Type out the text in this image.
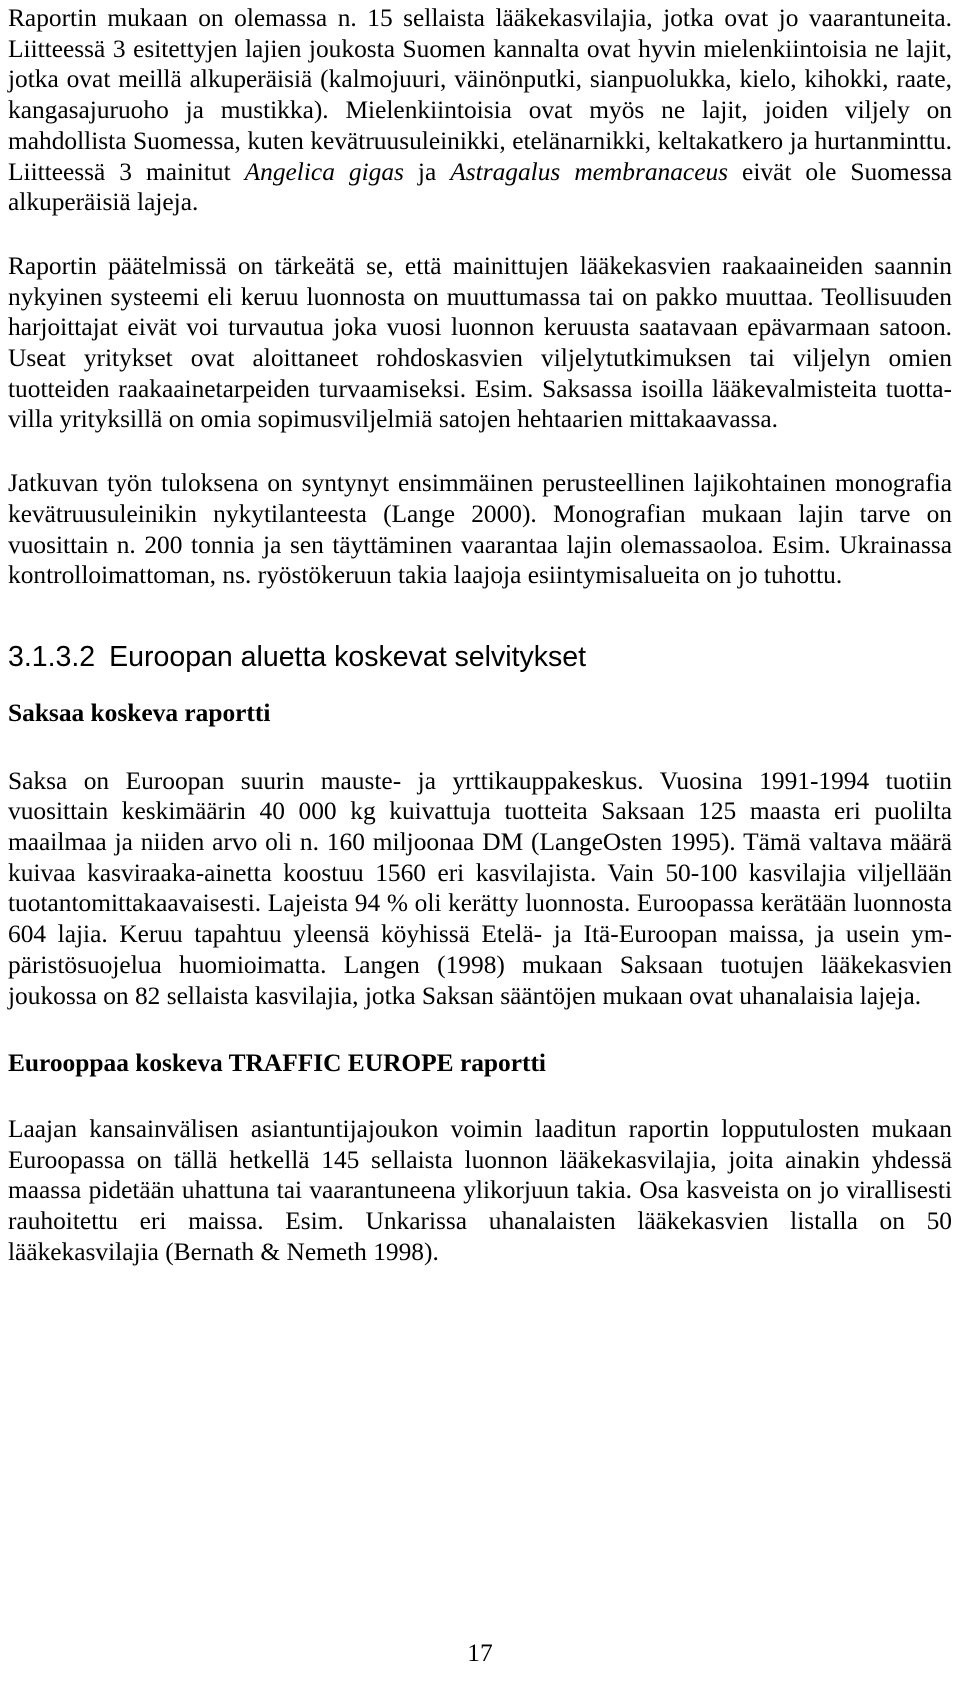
Raportin mukaan on olemassa n. 15 sellaista lääkekasvilajia, jotka ovat jo vaarantuneita. Liitteessä 3 esitettyjen lajien joukosta Suomen kannalta ovat hyvin mielenkiintoisia ne lajit, jotka ovat meillä alkuperäisiä (kalmojuuri, väinönputki, sianpuolukka, kielo, kihokki, raate, kangasajuruoho ja mustikka). Mielenkiintoisia ovat myös ne lajit, joiden viljely on mahdollista Suomessa, kuten kevätruusuleinikki, etelänarnikki, keltakatkero ja hurtanminttu. Liitteessä 3 mainitut Angelica gigas ja Astragalus membranaceus eivät ole Suomessa alkuperäisiä lajeja.

Raportin päätelmissä on tärkeätä se, että mainittujen lääkekasvien raakaaineiden saannin nykyinen systeemi eli keruu luonnosta on muuttumassa tai on pakko muuttaa. Teollisuuden harjoittajat eivät voi turvautua joka vuosi luonnon keruusta saatavaan epävarmaan satoon. Useat yritykset ovat aloittaneet rohdoskasvien viljelytutkimuksen tai viljelyn omien tuotteiden raakaainetarpeiden turvaamiseksi. Esim. Saksassa isoilla lääkevalmisteita tuottavilla yrityksillä on omia sopimusviljelmiä satojen hehtaarien mittakaavassa.

Jatkuvan työn tuloksena on syntynyt ensimmäinen perusteellinen lajikohtainen monografia kevätruusuleinikin nykytilanteesta (Lange 2000). Monografian mukaan lajin tarve on vuosittain n. 200 tonnia ja sen täyttäminen vaarantaa lajin olemassaoloa. Esim. Ukrainassa kontrolloimattoman, ns. ryöstökeruun takia laajoja esiintymisalueita on jo tuhottu.

3.1.3.2 Euroopan aluetta koskevat selvitykset
Saksaa koskeva raportti

Saksa on Euroopan suurin mauste- ja yrttikauppakeskus. Vuosina 1991-1994 tuotiin vuosittain keskimäärin 40 000 kg kuivattuja tuotteita Saksaan 125 maasta eri puolilta maailmaa ja niiden arvo oli n. 160 miljoonaa DM (LangeOsten 1995). Tämä valtava määrä kuivaa kasviraaka-ainetta koostuu 1560 eri kasvilajista. Vain 50-100 kasvilajia viljellään tuotantomittakaavaisesti. Lajeista 94 % oli kerätty luonnosta. Euroopassa kerätään luonnosta 604 lajia. Keruu tapahtuu yleensä köyhissä Etelä- ja Itä-Euroopan maissa, ja usein ympäristösuojelua huomioimatta. Langen (1998) mukaan Saksaan tuotujen lääkekasvien joukossa on 82 sellaista kasvilajia, jotka Saksan sääntöjen mukaan ovat uhanalaisia lajeja.

Eurooppaa koskeva TRAFFIC EUROPE raportti

Laajan kansainvälisen asiantuntijajoukon voimin laaditun raportin lopputulosten mukaan Euroopassa on tällä hetkellä 145 sellaista luonnon lääkekasvilajia, joita ainakin yhdessä maassa pidetään uhattuna tai vaarantuneena ylikorjuun takia. Osa kasveista on jo virallisesti rauhoitettu eri maissa. Esim. Unkarissa uhanalaisten lääkekasvien listalla on 50 lääkekasvilajia (Bernath & Nemeth 1998).

17
